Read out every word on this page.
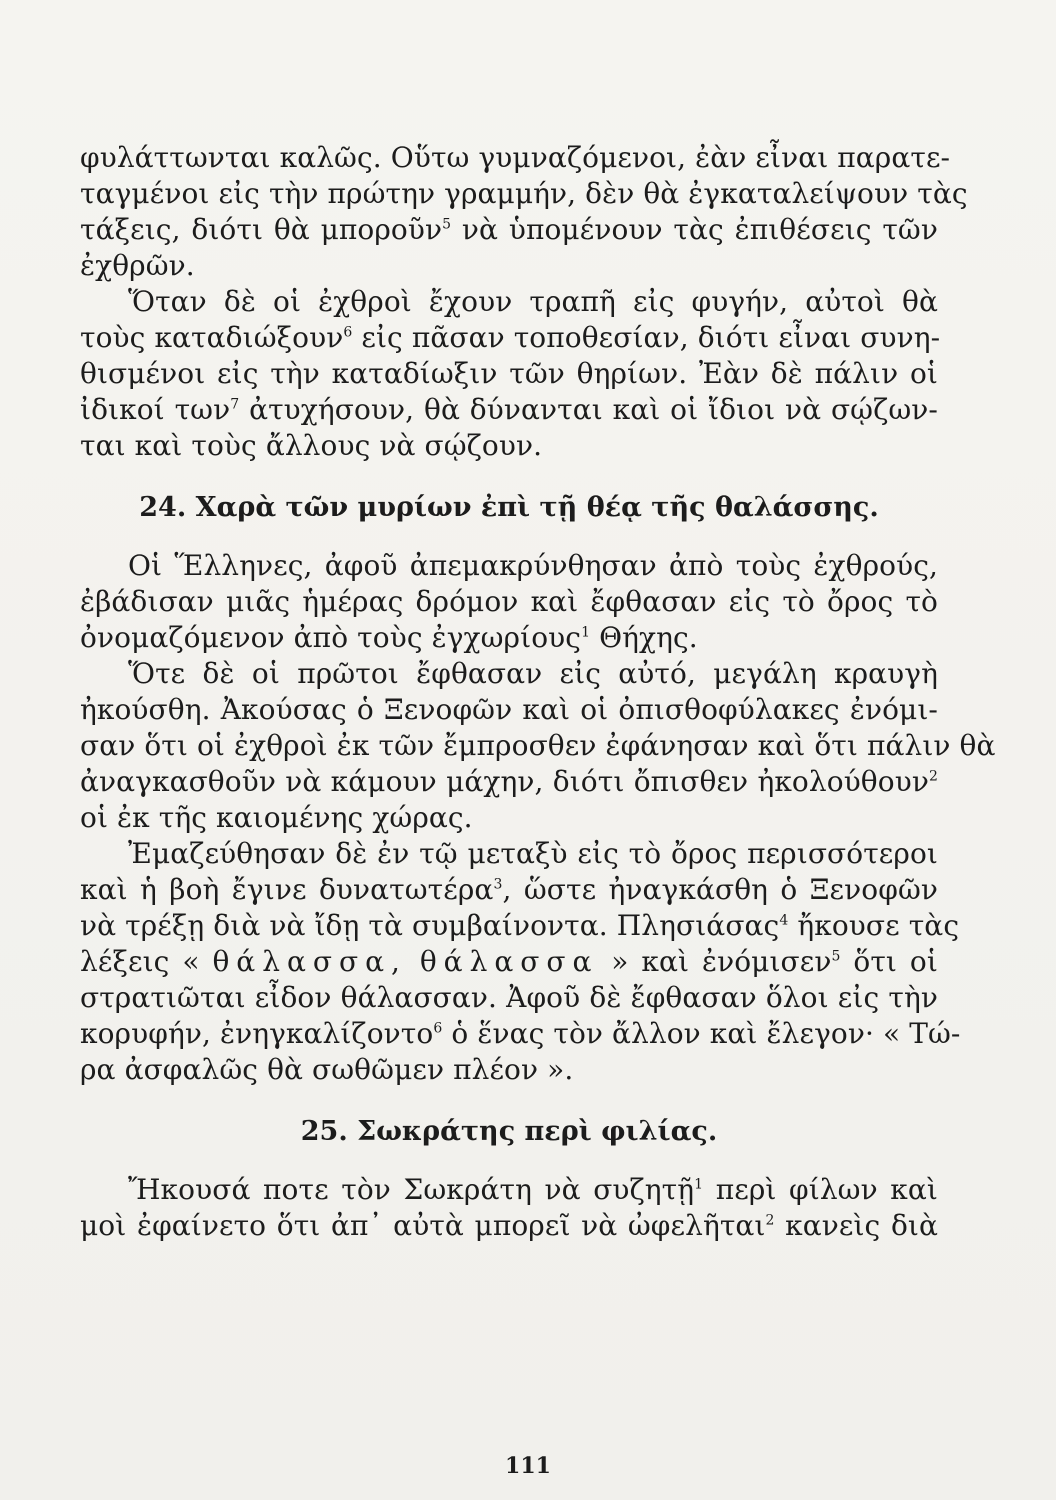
φυλάττωνται καλῶς. Οὕτω γυμναζόμενοι, ἐὰν εἶναι παρατε-
ταγμένοι εἰς τὴν πρώτην γραμμήν, δὲν θὰ ἐγκαταλείψουν τὰς
τάξεις, διότι θὰ μποροῦν$^5$ νὰ ὑπομένουν τὰς ἐπιθέσεις τῶν
ἐχθρῶν.
Ὅταν δὲ οἱ ἐχθροὶ ἔχουν τραπῆ εἰς φυγήν, αὐτοὶ θὰ
τοὺς καταδιώξουν$^6$ εἰς πᾶσαν τοποθεσίαν, διότι εἶναι συνη-
θισμένοι εἰς τὴν καταδίωξιν τῶν θηρίων. Ἐὰν δὲ πάλιν οἱ
ἰδικοί των$^7$ ἀτυχήσουν, θὰ δύνανται καὶ οἱ ἴδιοι νὰ σῴζων-
ται καὶ τοὺς ἄλλους νὰ σῴζουν.
24. Χαρὰ τῶν μυρίων ἐπὶ τῇ θέᾳ τῆς θαλάσσης.
Οἱ Ἕλληνες, ἀφοῦ ἀπεμακρύνθησαν ἀπὸ τοὺς ἐχθρούς,
ἐβάδισαν μιᾶς ἡμέρας δρόμον καὶ ἔφθασαν εἰς τὸ ὄρος τὸ
ὀνομαζόμενον ἀπὸ τοὺς ἐγχωρίους$^1$ Θήχης.
Ὅτε δὲ οἱ πρῶτοι ἔφθασαν εἰς αὐτό, μεγάλη κραυγὴ
ἠκούσθη. Ἀκούσας ὁ Ξενοφῶν καὶ οἱ ὀπισθοφύλακες ἐνόμι-
σαν ὅτι οἱ ἐχθροὶ ἐκ τῶν ἔμπροσθεν ἐφάνησαν καὶ ὅτι πάλιν θὰ
ἀναγκασθοῦν νὰ κάμουν μάχην, διότι ὄπισθεν ἠκολούθουν$^2$
οἱ ἐκ τῆς καιομένης χώρας.
Ἐμαζεύθησαν δὲ ἐν τῷ μεταξὺ εἰς τὸ ὄρος περισσότεροι
καὶ ἡ βοὴ ἔγινε δυνατωτέρα$^3$, ὥστε ἠναγκάσθη ὁ Ξενοφῶν
νὰ τρέξῃ διὰ νὰ ἴδῃ τὰ συμβαίνοντα. Πλησιάσας$^4$ ἤκουσε τὰς
λέξεις « θάλασσα, θάλασσα » καὶ ἐνόμισεν$^5$ ὅτι οἱ
στρατιῶται εἶδον θάλασσαν. Ἀφοῦ δὲ ἔφθασαν ὅλοι εἰς τὴν
κορυφήν, ἐνηγκαλίζοντο$^6$ ὁ ἕνας τὸν ἄλλον καὶ ἔλεγον· « Τώ-
ρα ἀσφαλῶς θὰ σωθῶμεν πλέον ».
25. Σωκράτης περὶ φιλίας.
Ἤκουσά ποτε τὸν Σωκράτη νὰ συζητῇ$^1$ περὶ φίλων καὶ
μοὶ ἐφαίνετο ὅτι ἀπ᾽ αὐτὰ μπορεῖ νὰ ὠφελῆται$^2$ κανεὶς διὰ
111
